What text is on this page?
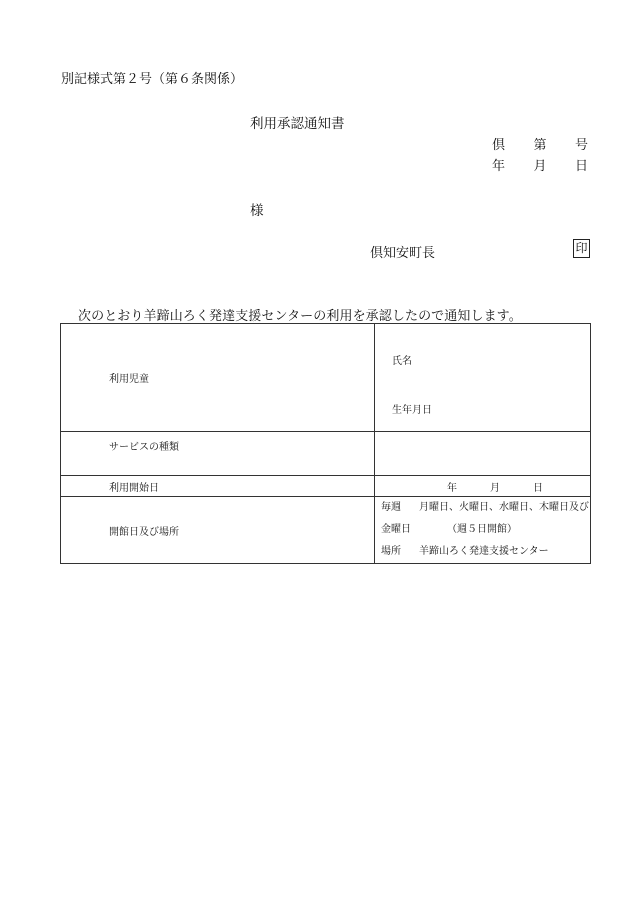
別記様式第２号（第６条関係）
利用承認通知書
倶 第 号
年 月 日
様
倶知安町長	印
次のとおり羊蹄山ろく発達支援センターの利用を承認したので通知します。
利用児童	氏名
生年月日

サービスの種類	
利用開始日	年 月 日

開館日及び場所	毎週 月曜日、火曜日、水曜日、木曜日及び金曜日 （週５日開館）
場所 羊蹄山ろく発達支援センター
